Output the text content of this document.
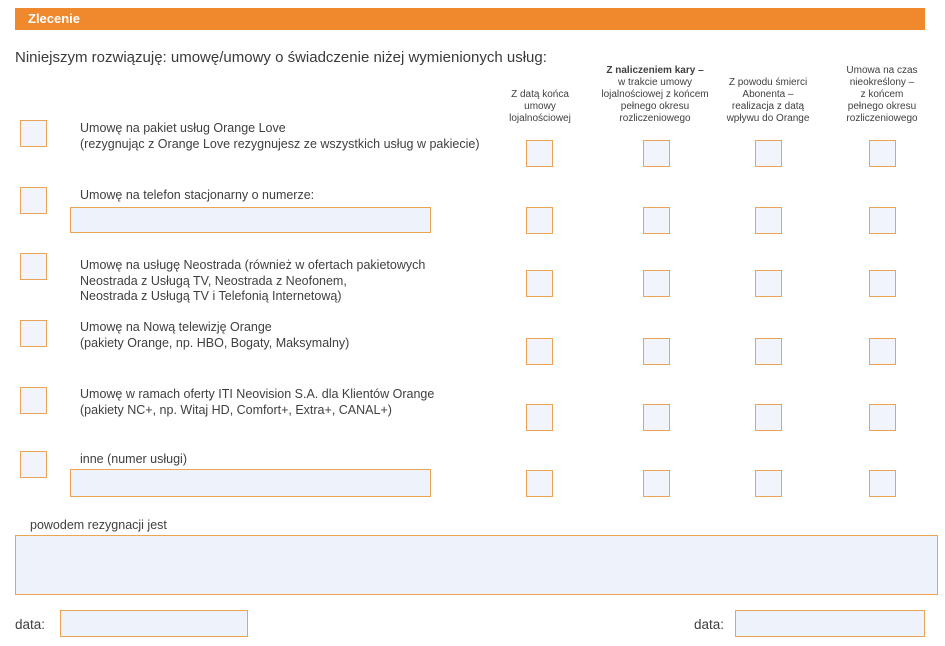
Zlecenie
Niniejszym rozwiązuję: umowę/umowy o świadczenie niżej wymienionych usług:
Z datą końca
umowy
lojalnościowej
Z naliczeniem kary –
w trakcie umowy
lojalnościowej z końcem
pełnego okresu
rozliczeniowego
Z powodu śmierci
Abonenta –
realizacja z datą
wpływu do Orange
Umowa na czas
nieokreślony –
z końcem
pełnego okresu
rozliczeniowego
Umowę na pakiet usług Orange Love
(rezygnując z Orange Love rezygnujesz ze wszystkich usług w pakiecie)
Umowę na telefon stacjonarny o numerze:
Umowę na usługę Neostrada (również w ofertach pakietowych
Neostrada z Usługą TV, Neostrada z Neofonem,
Neostrada z Usługą TV i Telefonią Internetową)
Umowę na Nową telewizję Orange
(pakiety Orange, np. HBO, Bogaty, Maksymalny)
Umowę w ramach oferty ITI Neovision S.A. dla Klientów Orange
(pakiety NC+, np. Witaj HD, Comfort+, Extra+, CANAL+)
inne (numer usługi)
powodem rezygnacji jest
data:	data:
